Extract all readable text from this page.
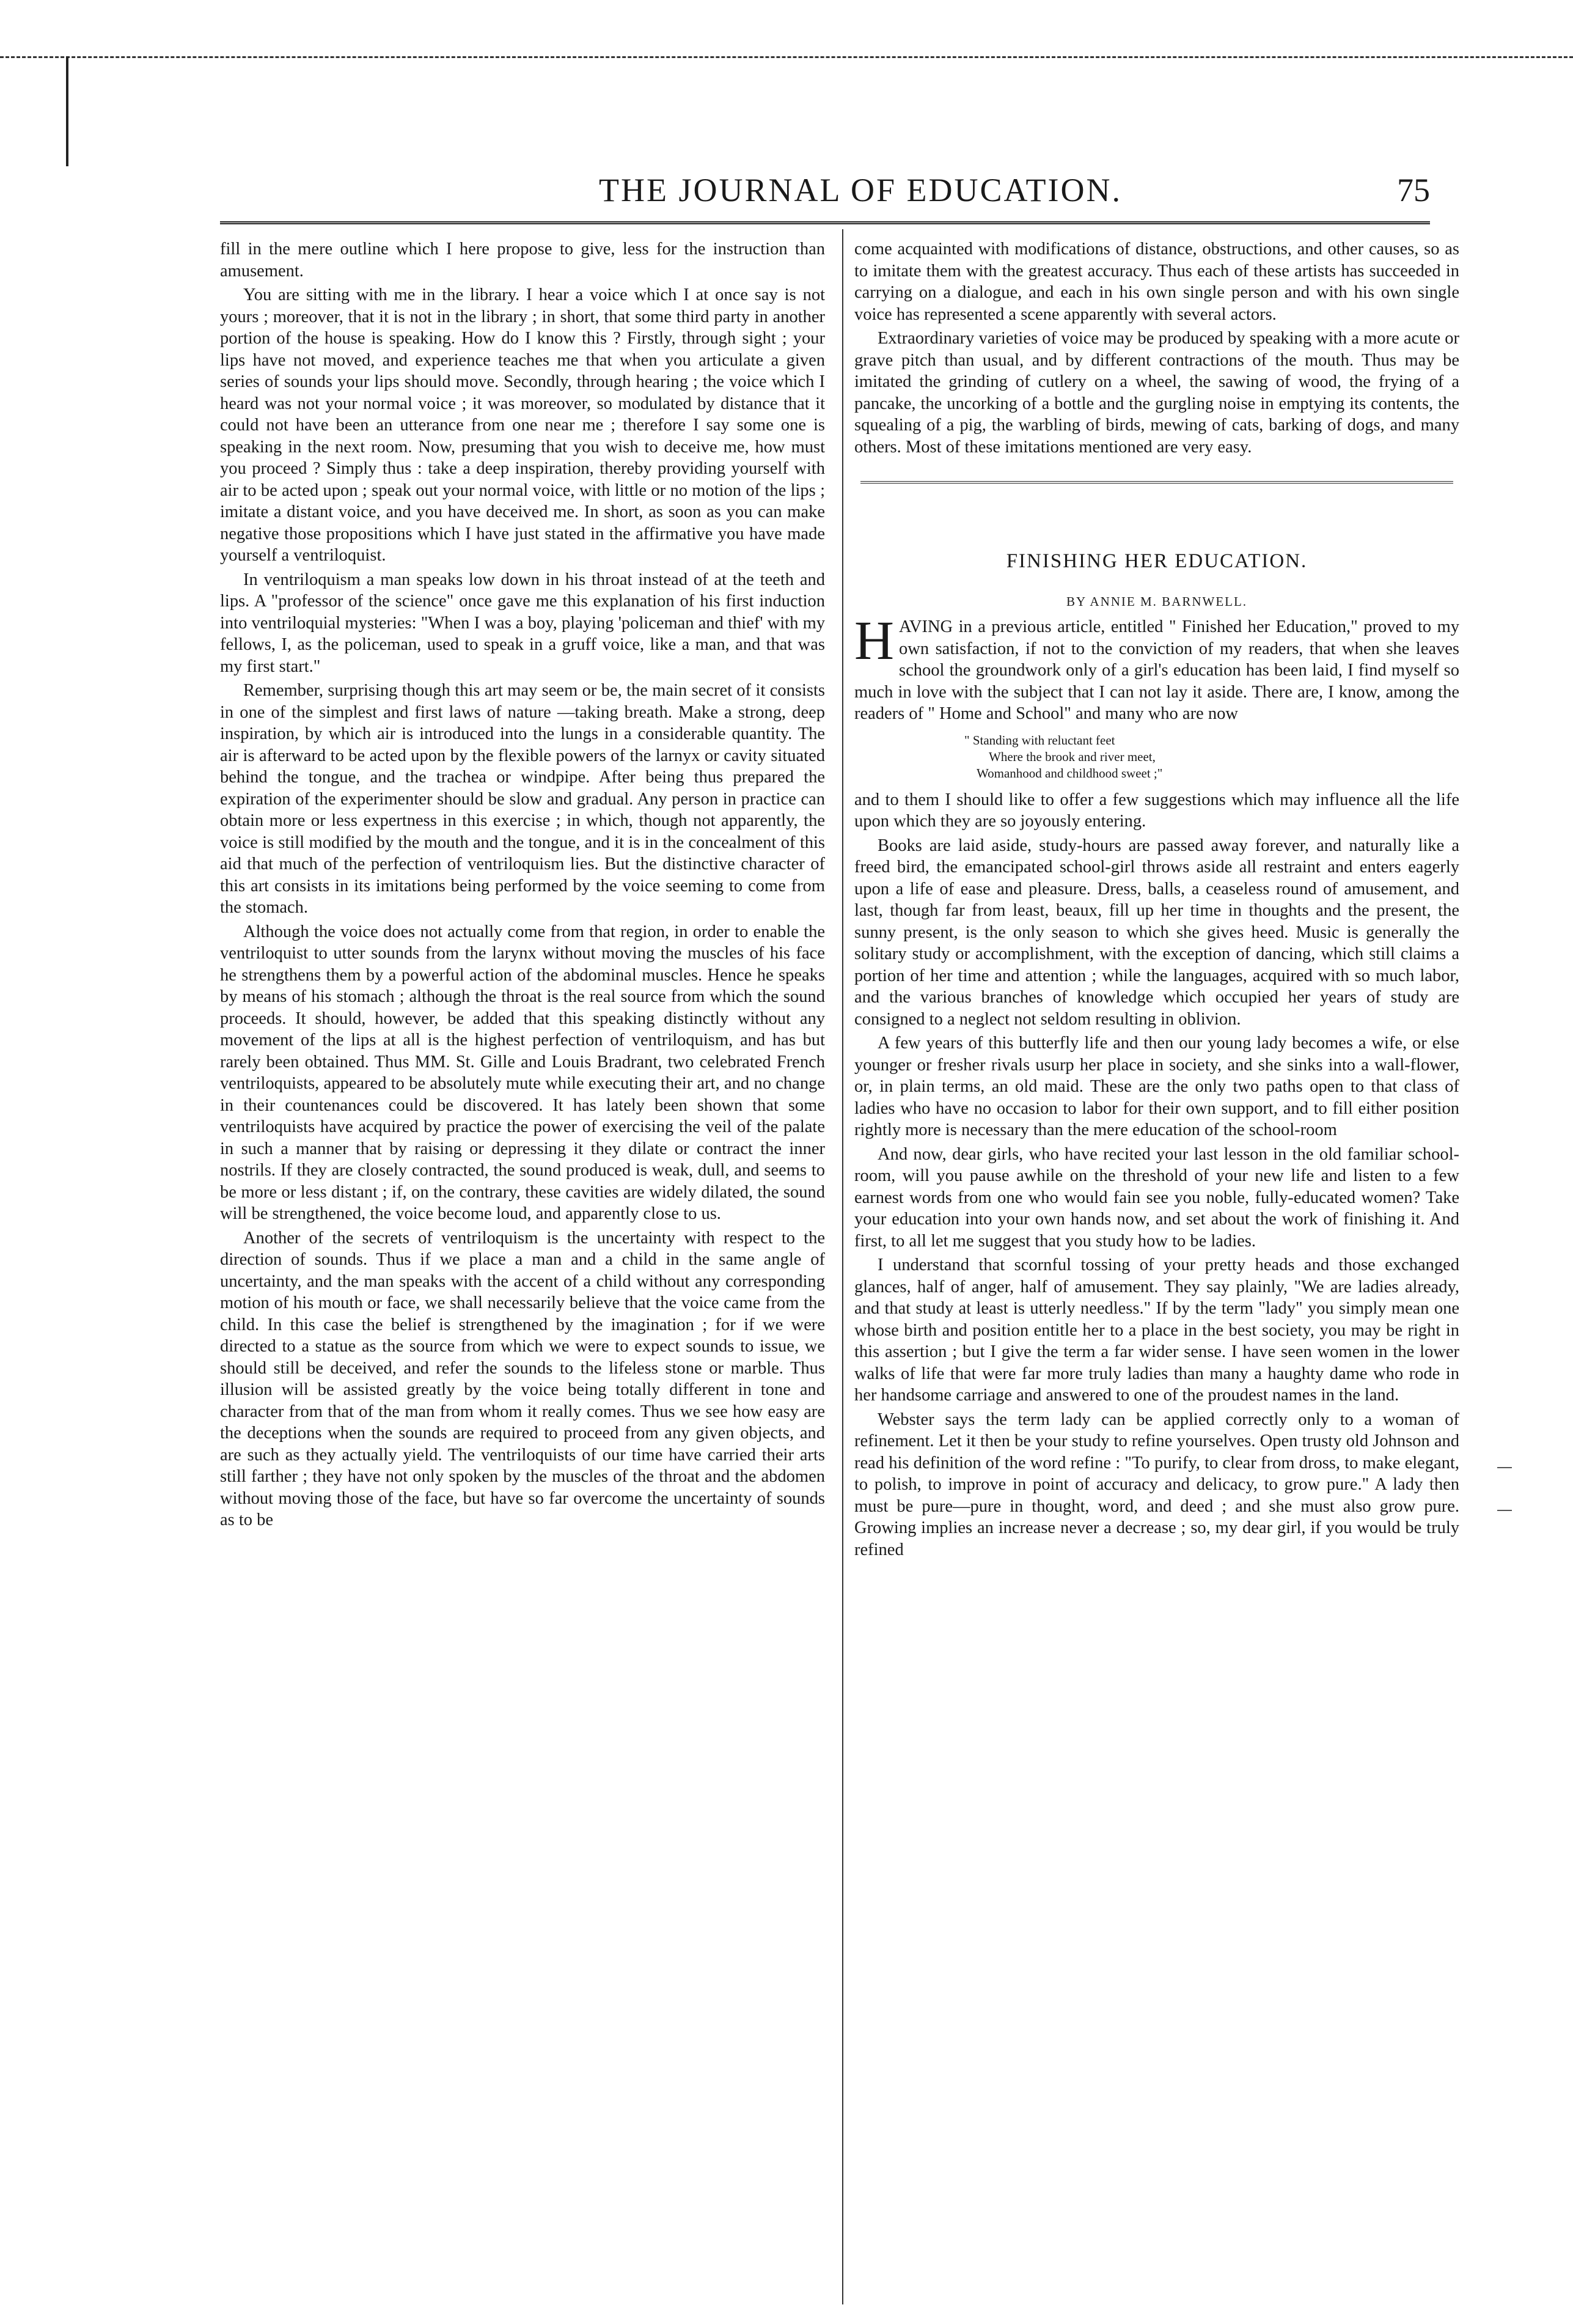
THE JOURNAL OF EDUCATION.	75

fill in the mere outline which I here propose to give, less for the instruction than amusement.

You are sitting with me in the library. I hear a voice which I at once say is not yours ; moreover, that it is not in the library ; in short, that some third party in another portion of the house is speaking. How do I know this ? Firstly, through sight ; your lips have not moved, and experience teaches me that when you articulate a given series of sounds your lips should move. Secondly, through hearing ; the voice which I heard was not your normal voice ; it was moreover, so modulated by distance that it could not have been an utterance from one near me ; therefore I say some one is speaking in the next room. Now, presuming that you wish to deceive me, how must you proceed ? Simply thus : take a deep inspiration, thereby providing yourself with air to be acted upon ; speak out your normal voice, with little or no motion of the lips ; imitate a distant voice, and you have deceived me. In short, as soon as you can make negative those propositions which I have just stated in the affirmative you have made yourself a ventriloquist.

In ventriloquism a man speaks low down in his throat instead of at the teeth and lips. A "professor of the science" once gave me this explanation of his first induction into ventriloquial mysteries: "When I was a boy, playing 'policeman and thief' with my fellows, I, as the policeman, used to speak in a gruff voice, like a man, and that was my first start."

Remember, surprising though this art may seem or be, the main secret of it consists in one of the simplest and first laws of nature —taking breath. Make a strong, deep inspiration, by which air is introduced into the lungs in a considerable quantity. The air is afterward to be acted upon by the flexible powers of the larnyx or cavity situated behind the tongue, and the trachea or windpipe. After being thus prepared the expiration of the experimenter should be slow and gradual. Any person in practice can obtain more or less expertness in this exercise ; in which, though not apparently, the voice is still modified by the mouth and the tongue, and it is in the concealment of this aid that much of the perfection of ventriloquism lies. But the distinctive character of this art consists in its imitations being performed by the voice seeming to come from the stomach.

Although the voice does not actually come from that region, in order to enable the ventriloquist to utter sounds from the larynx without moving the muscles of his face he strengthens them by a powerful action of the abdominal muscles. Hence he speaks by means of his stomach ; although the throat is the real source from which the sound proceeds. It should, however, be added that this speaking distinctly without any movement of the lips at all is the highest perfection of ventriloquism, and has but rarely been obtained. Thus MM. St. Gille and Louis Bradrant, two celebrated French ventriloquists, appeared to be absolutely mute while executing their art, and no change in their countenances could be discovered. It has lately been shown that some ventriloquists have acquired by practice the power of exercising the veil of the palate in such a manner that by raising or depressing it they dilate or contract the inner nostrils. If they are closely contracted, the sound produced is weak, dull, and seems to be more or less distant ; if, on the contrary, these cavities are widely dilated, the sound will be strengthened, the voice become loud, and apparently close to us.

Another of the secrets of ventriloquism is the uncertainty with respect to the direction of sounds. Thus if we place a man and a child in the same angle of uncertainty, and the man speaks with the accent of a child without any corresponding motion of his mouth or face, we shall necessarily believe that the voice came from the child. In this case the belief is strengthened by the imagination ; for if we were directed to a statue as the source from which we were to expect sounds to issue, we should still be deceived, and refer the sounds to the lifeless stone or marble. Thus illusion will be assisted greatly by the voice being totally different in tone and character from that of the man from whom it really comes. Thus we see how easy are the deceptions when the sounds are required to proceed from any given objects, and are such as they actually yield. The ventriloquists of our time have carried their arts still farther ; they have not only spoken by the muscles of the throat and the abdomen without moving those of the face, but have so far overcome the uncertainty of sounds as to be

come acquainted with modifications of distance, obstructions, and other causes, so as to imitate them with the greatest accuracy. Thus each of these artists has succeeded in carrying on a dialogue, and each in his own single person and with his own single voice has represented a scene apparently with several actors.

Extraordinary varieties of voice may be produced by speaking with a more acute or grave pitch than usual, and by different contractions of the mouth. Thus may be imitated the grinding of cutlery on a wheel, the sawing of wood, the frying of a pancake, the uncorking of a bottle and the gurgling noise in emptying its contents, the squealing of a pig, the warbling of birds, mewing of cats, barking of dogs, and many others. Most of these imitations mentioned are very easy.

FINISHING HER EDUCATION.
BY ANNIE M. BARNWELL.

HAVING in a previous article, entitled " Finished her Education," proved to my own satisfaction, if not to the conviction of my readers, that when she leaves school the groundwork only of a girl's education has been laid, I find myself so much in love with the subject that I can not lay it aside. There are, I know, among the readers of " Home and School" and many who are now

" Standing with reluctant feet
Where the brook and river meet,
Womanhood and childhood sweet ;"

and to them I should like to offer a few suggestions which may influence all the life upon which they are so joyously entering.

Books are laid aside, study-hours are passed away forever, and naturally like a freed bird, the emancipated school-girl throws aside all restraint and enters eagerly upon a life of ease and pleasure. Dress, balls, a ceaseless round of amusement, and last, though far from least, beaux, fill up her time in thoughts and the present, the sunny present, is the only season to which she gives heed. Music is generally the solitary study or accomplishment, with the exception of dancing, which still claims a portion of her time and attention ; while the languages, acquired with so much labor, and the various branches of knowledge which occupied her years of study are consigned to a neglect not seldom resulting in oblivion.

A few years of this butterfly life and then our young lady becomes a wife, or else younger or fresher rivals usurp her place in society, and she sinks into a wall-flower, or, in plain terms, an old maid. These are the only two paths open to that class of ladies who have no occasion to labor for their own support, and to fill either position rightly more is necessary than the mere education of the school-room

And now, dear girls, who have recited your last lesson in the old familiar school-room, will you pause awhile on the threshold of your new life and listen to a few earnest words from one who would fain see you noble, fully-educated women? Take your education into your own hands now, and set about the work of finishing it. And first, to all let me suggest that you study how to be ladies.

I understand that scornful tossing of your pretty heads and those exchanged glances, half of anger, half of amusement. They say plainly, "We are ladies already, and that study at least is utterly needless." If by the term "lady" you simply mean one whose birth and position entitle her to a place in the best society, you may be right in this assertion ; but I give the term a far wider sense. I have seen women in the lower walks of life that were far more truly ladies than many a haughty dame who rode in her handsome carriage and answered to one of the proudest names in the land.

Webster says the term lady can be applied correctly only to a woman of refinement. Let it then be your study to refine yourselves. Open trusty old Johnson and read his definition of the word refine : "To purify, to clear from dross, to make elegant, to polish, to improve in point of accuracy and delicacy, to grow pure." A lady then must be pure—pure in thought, word, and deed ; and she must also grow pure. Growing implies an increase never a decrease ; so, my dear girl, if you would be truly refined
